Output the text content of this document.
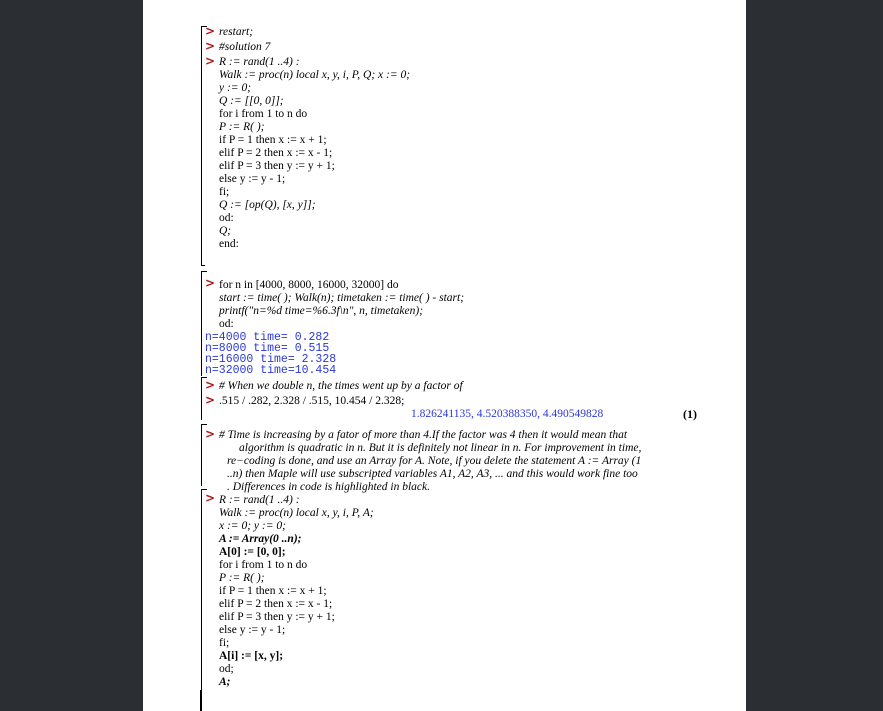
> restart;
> #solution 7
> R := rand(1 ..4) :
Walk := proc(n) local x, y, i, P, Q; x := 0;
y := 0;
Q := [[0, 0]];
for i from 1 to n do
P := R( );
if P = 1 then x := x + 1;
elif P = 2 then x := x - 1;
elif P = 3 then y := y + 1;
else y := y - 1;
fi;
Q := [op(Q), [x, y]];
od:
Q;
end:
> for n in [4000, 8000, 16000, 32000] do
start := time( ); Walk(n); timetaken := time( ) - start;
printf("n=%d time=%6.3f\n", n, timetaken);
od:
n=4000 time= 0.282
n=8000 time= 0.515
n=16000 time= 2.328
n=32000 time=10.454
> # When we double n, the times went up by a factor of
> .515 / .282, 2.328 / .515, 10.454 / 2.328;
1.826241135, 4.520388350, 4.490549828	(1)
> # Time is increasing by a fator of more than 4.If the factor was 4 then it would mean that
algorithm is quadratic in n. But it is definitely not linear in n. For improvement in time,
re−coding is done, and use an Array for A. Note, if you delete the statement A := Array (1
..n) then Maple will use subscripted variables A1, A2, A3, ... and this would work fine too
. Differences in code is highlighted in black.
> R := rand(1 ..4) :
Walk := proc(n) local x, y, i, P, A;
x := 0; y := 0;
A := Array(0 ..n);
A[0] := [0, 0];
for i from 1 to n do
P := R( );
if P = 1 then x := x + 1;
elif P = 2 then x := x - 1;
elif P = 3 then y := y + 1;
else y := y - 1;
fi;
A[i] := [x, y];
od;
A;
